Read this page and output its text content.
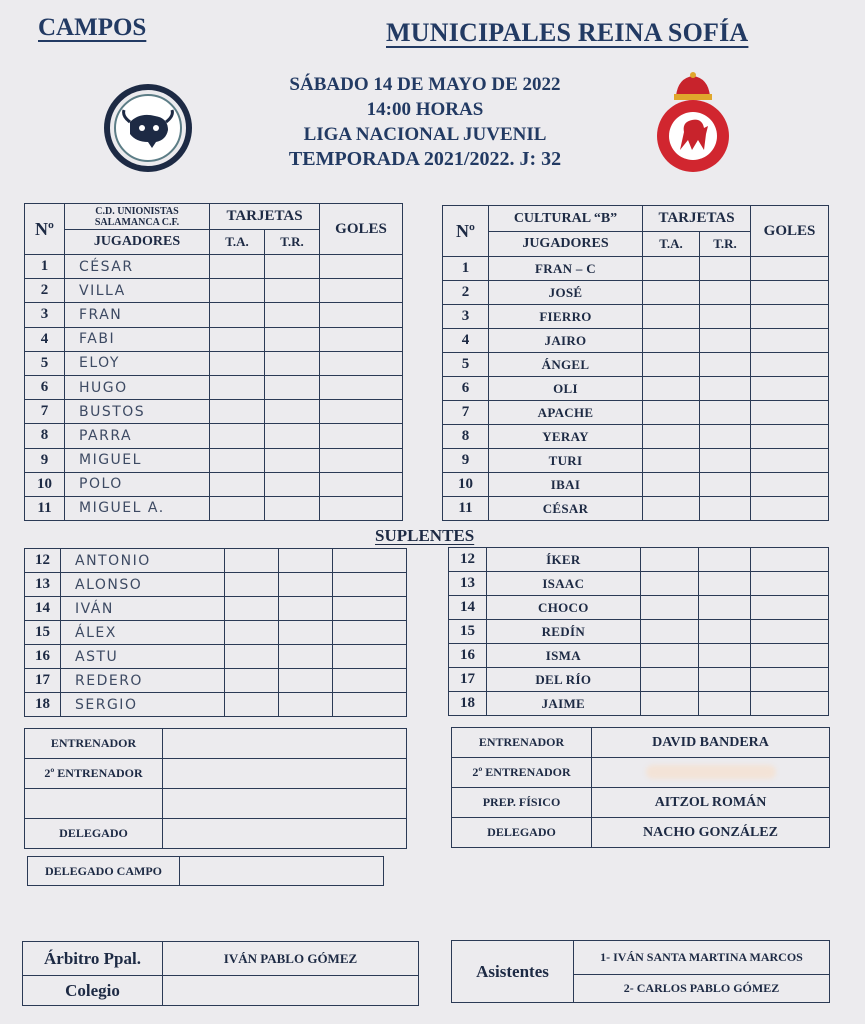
CAMPOS	MUNICIPALES REINA SOFÍA
SÁBADO 14 DE MAYO DE 2022
14:00 HORAS
LIGA NACIONAL JUVENIL
TEMPORADA 2021/2022. J: 32
Nº	C.D. UNIONISTAS SALAMANCA C.F.	TARJETAS		GOLES
	JUGADORES	T.A.	T.R.	
1	CÉSAR			
2	VILLA			
3	FRAN			
4	FABI			
5	ELOY			
6	HUGO			
7	BUSTOS			
8	PARRA			
9	MIGUEL			
10	POLO			
11	MIGUEL A.			
Nº	CULTURAL “B”	TARJETAS		GOLES
	JUGADORES	T.A.	T.R.	
1	FRAN – C			
2	JOSÉ			
3	FIERRO			
4	JAIRO			
5	ÁNGEL			
6	OLI			
7	APACHE			
8	YERAY			
9	TURI			
10	IBAI			
11	CÉSAR			
SUPLENTES
12	ANTONIO			
13	ALONSO			
14	IVÁN			
15	ÁLEX			
16	ASTU			
17	REDERO			
18	SERGIO			
12	ÍKER			
13	ISAAC			
14	CHOCO			
15	REDÍN			
16	ISMA			
17	DEL RÍO			
18	JAIME			
ENTRENADOR	
2º ENTRENADOR	

DELEGADO	
ENTRENADOR	DAVID BANDERA
2º ENTRENADOR	
PREP. FÍSICO	AITZOL ROMÁN
DELEGADO	NACHO GONZÁLEZ
DELEGADO CAMPO	
Árbitro Ppal.	IVÁN PABLO GÓMEZ
Colegio	
Asistentes	1- IVÁN SANTA MARTINA MARCOS
2- CARLOS PABLO GÓMEZ
